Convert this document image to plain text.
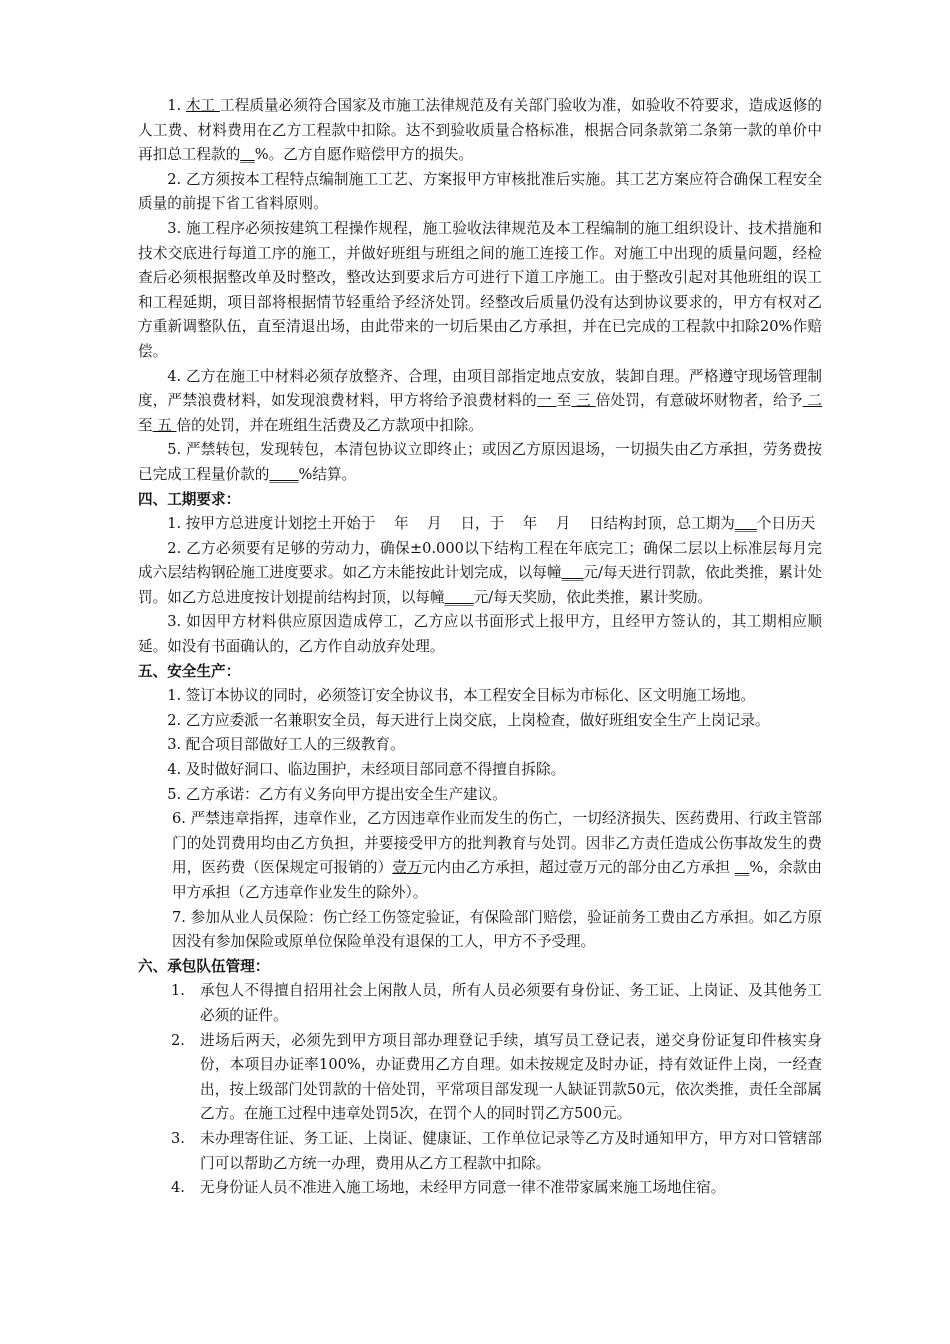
1. 木工 工程质量必须符合国家及市施工法律规范及有关部门验收为准，如验收不符要求，造成返修的人工费、材料费用在乙方工程款中扣除。达不到验收质量合格标准，根据合同条款第二条第一款的单价中再扣总工程款的__%。乙方自愿作赔偿甲方的损失。

2. 乙方须按本工程特点编制施工工艺、方案报甲方审核批准后实施。其工艺方案应符合确保工程安全质量的前提下省工省料原则。

3. 施工程序必须按建筑工程操作规程，施工验收法律规范及本工程编制的施工组织设计、技术措施和技术交底进行每道工序的施工，并做好班组与班组之间的施工连接工作。对施工中出现的质量问题，经检查后必须根据整改单及时整改，整改达到要求后方可进行下道工序施工。由于整改引起对其他班组的误工和工程延期，项目部将根据情节轻重给予经济处罚。经整改后质量仍没有达到协议要求的，甲方有权对乙方重新调整队伍，直至清退出场，由此带来的一切后果由乙方承担，并在已完成的工程款中扣除20%作赔偿。

4. 乙方在施工中材料必须存放整齐、合理，由项目部指定地点安放，装卸自理。严格遵守现场管理制度，严禁浪费材料，如发现浪费材料，甲方将给予浪费材料的一 至 三 倍处罚，有意破坏财物者，给予 二 至 五 倍的处罚，并在班组生活费及乙方款项中扣除。

5. 严禁转包，发现转包，本清包协议立即终止；或因乙方原因退场，一切损失由乙方承担，劳务费按已完成工程量价款的____%结算。

四、工期要求：

1. 按甲方总进度计划挖土开始于    年    月    日，于    年    月    日结构封顶，总工期为___个日历天

2. 乙方必须要有足够的劳动力，确保±0.000以下结构工程在年底完工；确保二层以上标准层每月完成六层结构钢砼施工进度要求。如乙方未能按此计划完成，以每幢___元/每天进行罚款，依此类推，累计处罚。如乙方总进度按计划提前结构封顶，以每幢____元/每天奖励，依此类推，累计奖励。

3. 如因甲方材料供应原因造成停工，乙方应以书面形式上报甲方，且经甲方签认的，其工期相应顺延。如没有书面确认的，乙方作自动放弃处理。

五、安全生产：

1. 签订本协议的同时，必须签订安全协议书，本工程安全目标为市标化、区文明施工场地。

2. 乙方应委派一名兼职安全员，每天进行上岗交底，上岗检查，做好班组安全生产上岗记录。

3. 配合项目部做好工人的三级教育。

4. 及时做好洞口、临边围护，未经项目部同意不得擅自拆除。

5. 乙方承诺：乙方有义务向甲方提出安全生产建议。

6. 严禁违章指挥，违章作业，乙方因违章作业而发生的伤亡，一切经济损失、医药费用、行政主管部门的处罚费用均由乙方负担，并要接受甲方的批判教育与处罚。因非乙方责任造成公伤事故发生的费用，医药费（医保规定可报销的）壹万元内由乙方承担，超过壹万元的部分由乙方承担 __%，余款由甲方承担（乙方违章作业发生的除外）。

7. 参加从业人员保险：伤亡经工伤签定验证，有保险部门赔偿，验证前务工费由乙方承担。如乙方原因没有参加保险或原单位保险单没有退保的工人，甲方不予受理。

六、承包队伍管理：

1. 承包人不得擅自招用社会上闲散人员，所有人员必须要有身份证、务工证、上岗证、及其他务工必须的证件。

2. 进场后两天，必须先到甲方项目部办理登记手续，填写员工登记表，递交身份证复印件核实身份，本项目办证率100%，办证费用乙方自理。如未按规定及时办证，持有效证件上岗，一经查出，按上级部门处罚款的十倍处罚，平常项目部发现一人缺证罚款50元，依次类推，责任全部属乙方。在施工过程中违章处罚5次，在罚个人的同时罚乙方500元。

3. 未办理寄住证、务工证、上岗证、健康证、工作单位记录等乙方及时通知甲方，甲方对口管辖部门可以帮助乙方统一办理，费用从乙方工程款中扣除。

4. 无身份证人员不准进入施工场地，未经甲方同意一律不准带家属来施工场地住宿。
